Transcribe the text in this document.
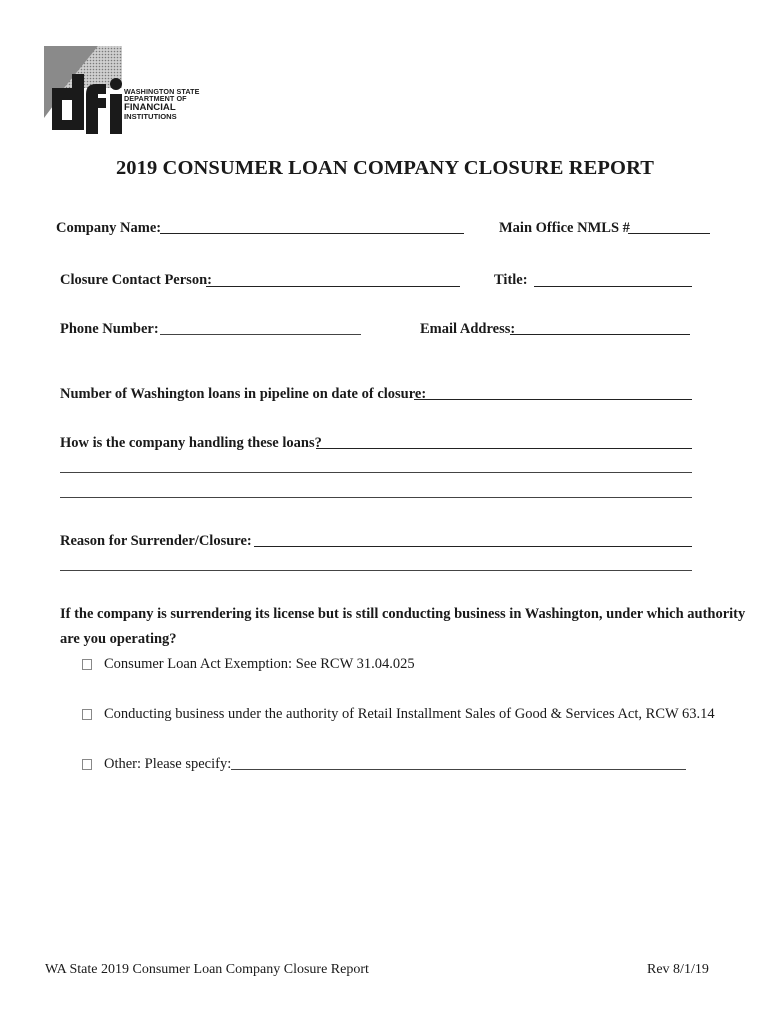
WASHINGTON STATE
DEPARTMENT OF
FINANCIAL
INSTITUTIONS
2019 CONSUMER LOAN COMPANY CLOSURE REPORT
Company Name:	Main Office NMLS #
Closure Contact Person:	Title:
Phone Number:	Email Address:
Number of Washington loans in pipeline on date of closure:
How is the company handling these loans?
Reason for Surrender/Closure:
If the company is surrendering its license but is still conducting business in Washington, under which authority
are you operating?
Consumer Loan Act Exemption: See RCW 31.04.025
Conducting business under the authority of Retail Installment Sales of Good & Services Act, RCW 63.14
Other: Please specify:
WA State 2019 Consumer Loan Company Closure Report	Rev 8/1/19
